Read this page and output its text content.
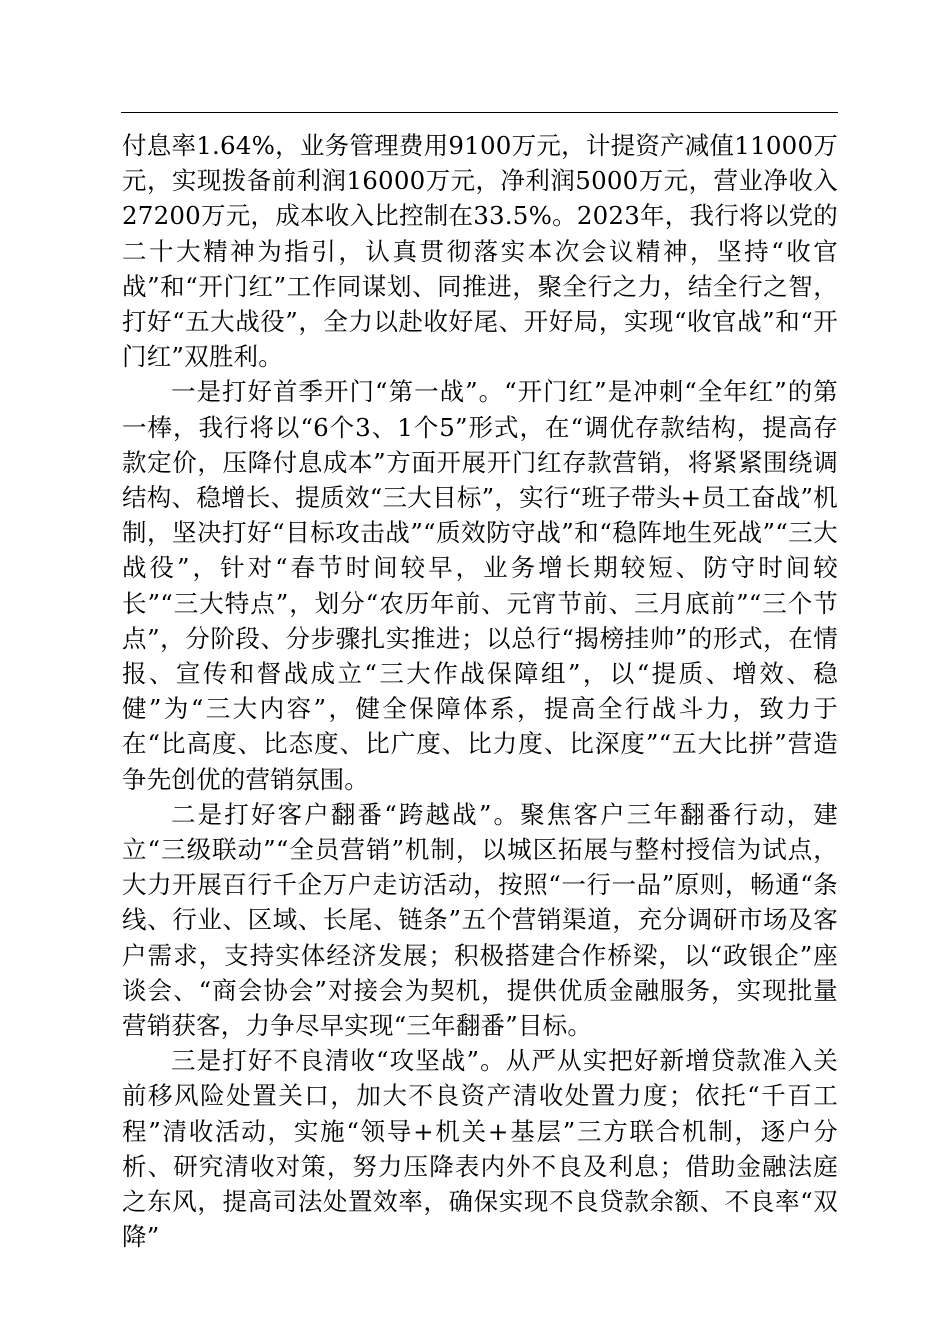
付息率1.64%，业务管理费用9100万元，计提资产减值11000万元，实现拨备前利润16000万元，净利润5000万元，营业净收入27200万元，成本收入比控制在33.5%。2023年，我行将以党的二十大精神为指引，认真贯彻落实本次会议精神，坚持“收官战”和“开门红”工作同谋划、同推进，聚全行之力，结全行之智，打好“五大战役”，全力以赴收好尾、开好局，实现“收官战”和“开门红”双胜利。

一是打好首季开门“第一战”。“开门红”是冲刺“全年红”的第一棒，我行将以“6个3、1个5”形式，在“调优存款结构，提高存款定价，压降付息成本”方面开展开门红存款营销，将紧紧围绕调结构、稳增长、提质效“三大目标”，实行“班子带头+员工奋战”机制，坚决打好“目标攻击战”“质效防守战”和“稳阵地生死战”“三大战役”，针对“春节时间较早，业务增长期较短、防守时间较长”“三大特点”，划分“农历年前、元宵节前、三月底前”“三个节点”，分阶段、分步骤扎实推进；以总行“揭榜挂帅”的形式，在情报、宣传和督战成立“三大作战保障组”，以“提质、增效、稳健”为“三大内容”，健全保障体系，提高全行战斗力，致力于在“比高度、比态度、比广度、比力度、比深度”“五大比拼”营造争先创优的营销氛围。

二是打好客户翻番“跨越战”。聚焦客户三年翻番行动，建立“三级联动”“全员营销”机制，以城区拓展与整村授信为试点，大力开展百行千企万户走访活动，按照“一行一品”原则，畅通“条线、行业、区域、长尾、链条”五个营销渠道，充分调研市场及客户需求，支持实体经济发展；积极搭建合作桥梁，以“政银企”座谈会、“商会协会”对接会为契机，提供优质金融服务，实现批量营销获客，力争尽早实现“三年翻番”目标。

三是打好不良清收“攻坚战”。从严从实把好新增贷款准入关前移风险处置关口，加大不良资产清收处置力度；依托“千百工程”清收活动，实施“领导+机关+基层”三方联合机制，逐户分析、研究清收对策，努力压降表内外不良及利息；借助金融法庭之东风，提高司法处置效率，确保实现不良贷款余额、不良率“双降”
